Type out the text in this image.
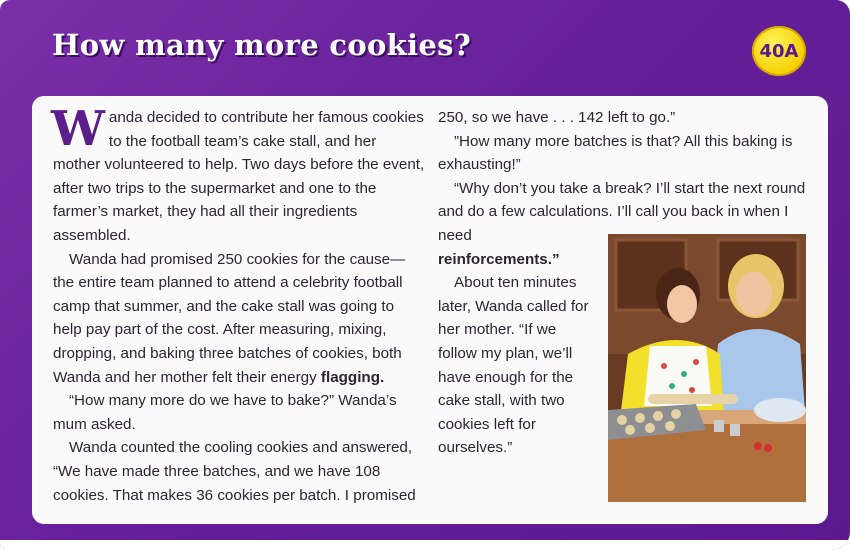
How many more cookies?	40A

Wanda decided to contribute her famous cookies to the football team’s cake stall, and her mother volunteered to help. Two days before the event, after two trips to the supermarket and one to the farmer’s market, they had all their ingredients assembled.

Wanda had promised 250 cookies for the cause—the entire team planned to attend a celebrity football camp that summer, and the cake stall was going to help pay part of the cost. After measuring, mixing, dropping, and baking three batches of cookies, both Wanda and her mother felt their energy flagging.

“How many more do we have to bake?” Wanda’s mum asked.

Wanda counted the cooling cookies and answered, “We have made three batches, and we have 108 cookies. That makes 36 cookies per batch. I promised

250, so we have . . . 142 left to go.”

”How many more batches is that? All this baking is exhausting!”

“Why don’t you take a break? I’ll start the next round and do a few calculations. I’ll call you back in when I need
reinforcements.”

About ten minutes later, Wanda called for her mother. “If we follow my plan, we’ll have enough for the cake stall, with two cookies left for ourselves.”
